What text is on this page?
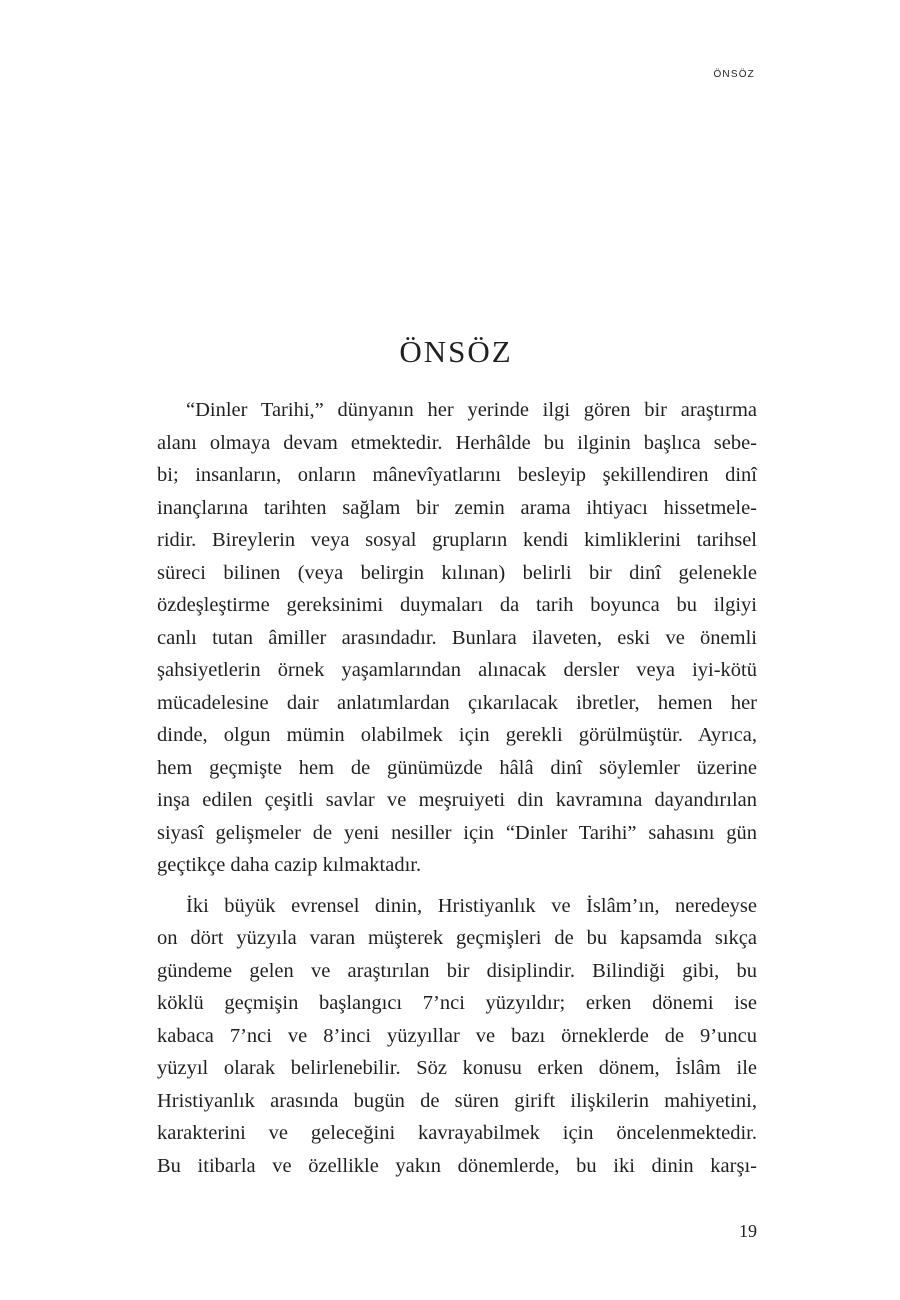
ÖNSÖZ
ÖNSÖZ
“Dinler Tarihi,” dünyanın her yerinde ilgi gören bir araştırma
alanı olmaya devam etmektedir. Herhâlde bu ilginin başlıca sebe-
bi; insanların, onların mânevîyatlarını besleyip şekillendiren dinî
inançlarına tarihten sağlam bir zemin arama ihtiyacı hissetmele-
ridir. Bireylerin veya sosyal grupların kendi kimliklerini tarihsel
süreci bilinen (veya belirgin kılınan) belirli bir dinî gelenekle
özdeşleştirme gereksinimi duymaları da tarih boyunca bu ilgiyi
canlı tutan âmiller arasındadır. Bunlara ilaveten, eski ve önemli
şahsiyetlerin örnek yaşamlarından alınacak dersler veya iyi-kötü
mücadelesine dair anlatımlardan çıkarılacak ibretler, hemen her
dinde, olgun mümin olabilmek için gerekli görülmüştür. Ayrıca,
hem geçmişte hem de günümüzde hâlâ dinî söylemler üzerine
inşa edilen çeşitli savlar ve meşruiyeti din kavramına dayandırılan
siyasî gelişmeler de yeni nesiller için “Dinler Tarihi” sahasını gün
geçtikçe daha cazip kılmaktadır.
İki büyük evrensel dinin, Hristiyanlık ve İslâm’ın, neredeyse
on dört yüzyıla varan müşterek geçmişleri de bu kapsamda sıkça
gündeme gelen ve araştırılan bir disiplindir. Bilindiği gibi, bu
köklü geçmişin başlangıcı 7’nci yüzyıldır; erken dönemi ise
kabaca 7’nci ve 8’inci yüzyıllar ve bazı örneklerde de 9’uncu
yüzyıl olarak belirlenebilir. Söz konusu erken dönem, İslâm ile
Hristiyanlık arasında bugün de süren girift ilişkilerin mahiyetini,
karakterini ve geleceğini kavrayabilmek için öncelenmektedir.
Bu itibarla ve özellikle yakın dönemlerde, bu iki dinin karşı-
19
